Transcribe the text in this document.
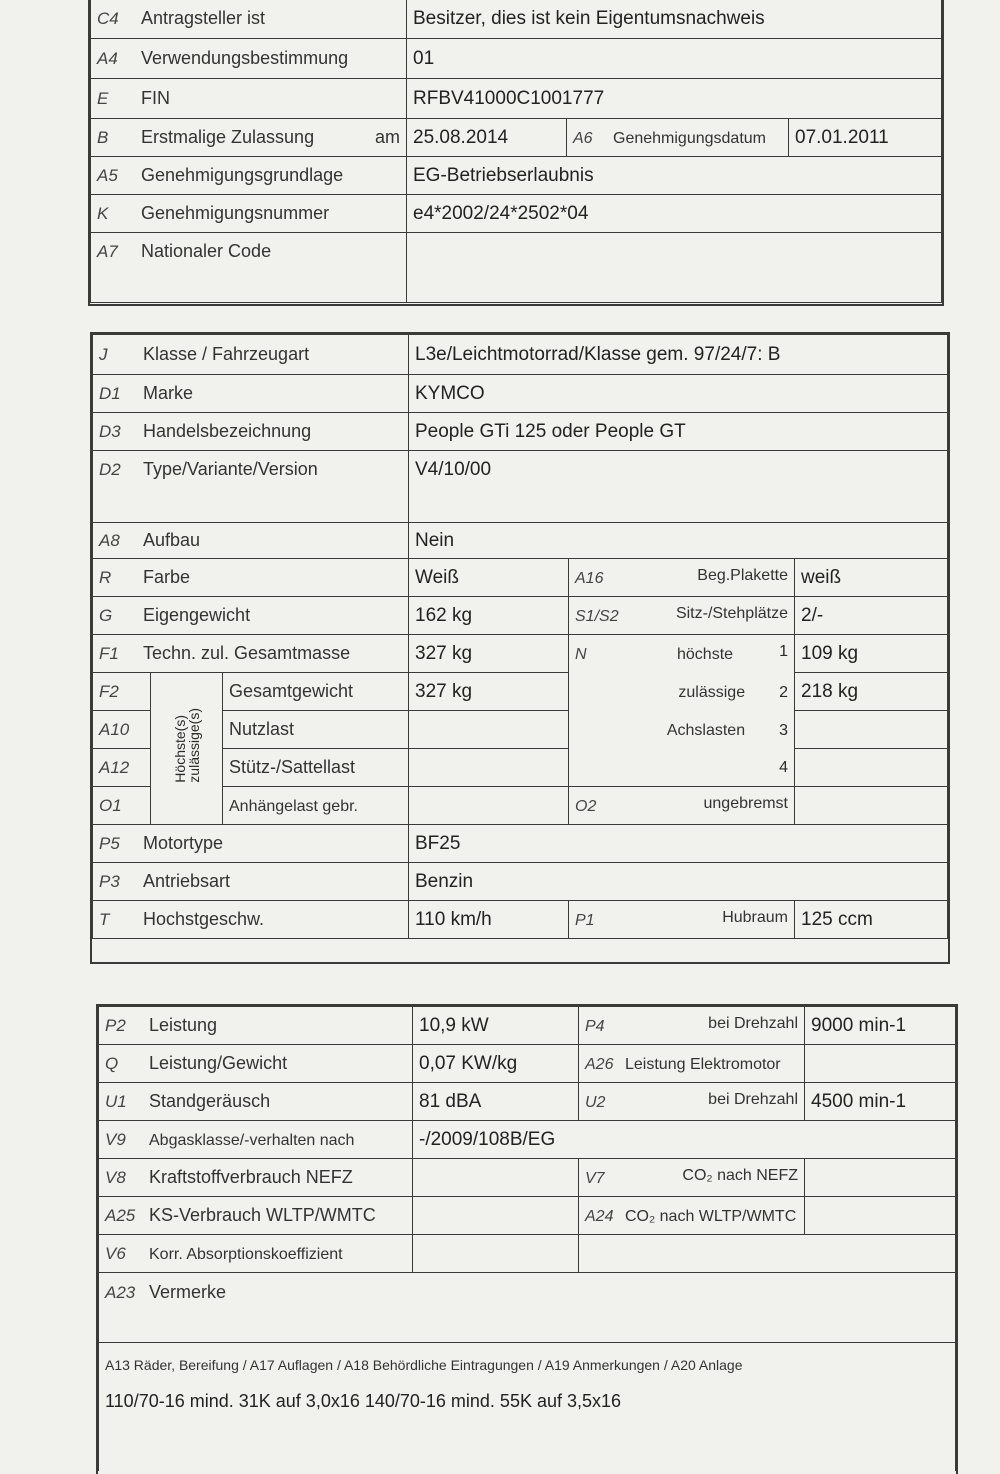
C4 Antragsteller ist	Besitzer, dies ist kein Eigentumsnachweis		
A4 Verwendungsbestimmung	01		
E FIN	RFBV41000C1001777		
B Erstmalige Zulassung am	25.08.2014	A6 Genehmigungsdatum	07.01.2011
A5 Genehmigungsgrundlage	EG-Betriebserlaubnis		
K Genehmigungsnummer	e4*2002/24*2502*04		
A7 Nationaler Code			
J Klasse / Fahrzeugart			L3e/Leichtmotorrad/Klasse gem. 97/24/7: B		
D1 Marke			KYMCO		
D3 Handelsbezeichnung			People GTi 125 oder People GT		
D2 Type/Variante/Version			V4/10/00		
A8 Aufbau			Nein		
R Farbe			Weiß	A16 Beg.Plakette	weiß
G Eigengewicht			162 kg	S1/S2 Sitz-/Stehplätze	2/-
F1 Techn. zul. Gesamtmasse			327 kg	N höchste 1	109 kg
F2	Höchste(s)zulässige(s)	Gesamtgewicht	327 kg	zulässige 2	218 kg
A10		Nutzlast		Achslasten 3	
A12		Stütz-/Sattellast		4	
O1		Anhängelast gebr.		O2 ungebremst	

P5 Motortype			BF25		
P3 Antriebsart			Benzin		
T Hochstgeschw.			110 km/h	P1 Hubraum	125 ccm
P2 Leistung	10,9 kW	P4 bei Drehzahl	9000 min-1
Q Leistung/Gewicht	0,07 KW/kg	A26 Leistung Elektromotor	
U1 Standgeräusch	81 dBA	U2 bei Drehzahl	4500 min-1
V9 Abgasklasse/-verhalten nach	-/2009/108B/EG		
V8 Kraftstoffverbrauch NEFZ		V7 CO₂ nach NEFZ	

A25 KS-Verbrauch WLTP/WMTC		A24 CO₂ nach WLTP/WMTC	
V6 Korr. Absorptionskoeffizient			
A23 Vermerke			

A13 Räder, Bereifung / A17 Auflagen / A18 Behördliche Eintragungen / A19 Anmerkungen / A20 Anlage
110/70-16 mind. 31K auf 3,0x16 140/70-16 mind. 55K auf 3,5x16			
